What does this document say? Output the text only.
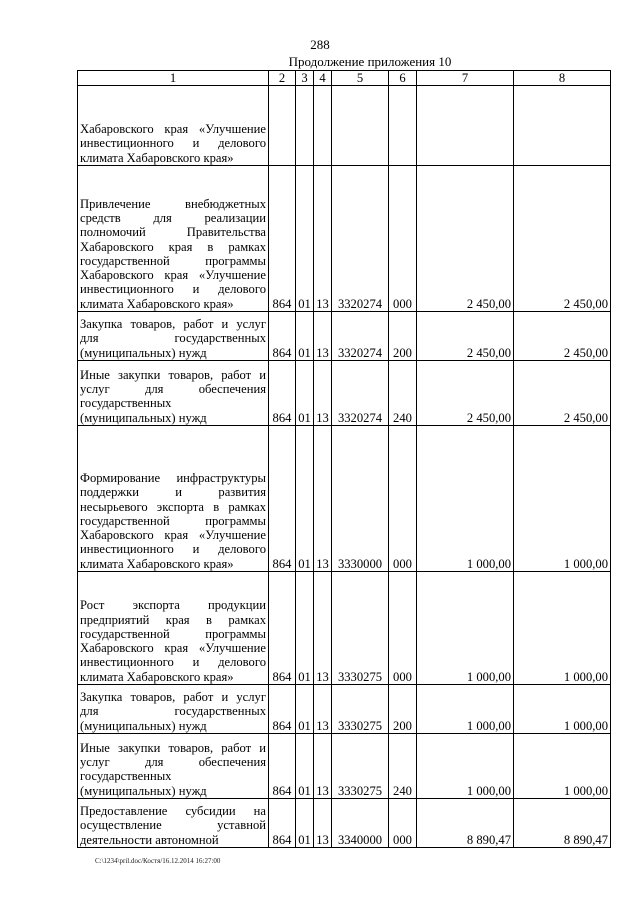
288
Продолжение приложения 10
1	2	3	4	5	6	7	8
Хабаровского края «Улучшение инвестиционного и делового климата Хабаровского края»							
Привлечение внебюджетных средств для реализации полномочий Правительства Хабаровского края в рамках государственной программы Хабаровского края «Улучшение инвестиционного и делового климата Хабаровского края»	864	01	13	3320274	000	2 450,00	2 450,00
Закупка товаров, работ и услуг для государственных (муниципальных) нужд	864	01	13	3320274	200	2 450,00	2 450,00
Иные закупки товаров, работ и услуг для обеспечения государственных (муниципальных) нужд	864	01	13	3320274	240	2 450,00	2 450,00
Формирование инфраструктуры поддержки и развития несырьевого экспорта в рамках государственной программы Хабаровского края «Улучшение инвестиционного и делового климата Хабаровского края»	864	01	13	3330000	000	1 000,00	1 000,00
Рост экспорта продукции предприятий края в рамках государственной программы Хабаровского края «Улучшение инвестиционного и делового климата Хабаровского края»	864	01	13	3330275	000	1 000,00	1 000,00
Закупка товаров, работ и услуг для государственных (муниципальных) нужд	864	01	13	3330275	200	1 000,00	1 000,00
Иные закупки товаров, работ и услуг для обеспечения государственных (муниципальных) нужд	864	01	13	3330275	240	1 000,00	1 000,00
Предоставление субсидии на осуществление уставной деятельности автономной	864	01	13	3340000	000	8 890,47	8 890,47
C:\1234\pril.doc/Костя/16.12.2014 16:27:00
